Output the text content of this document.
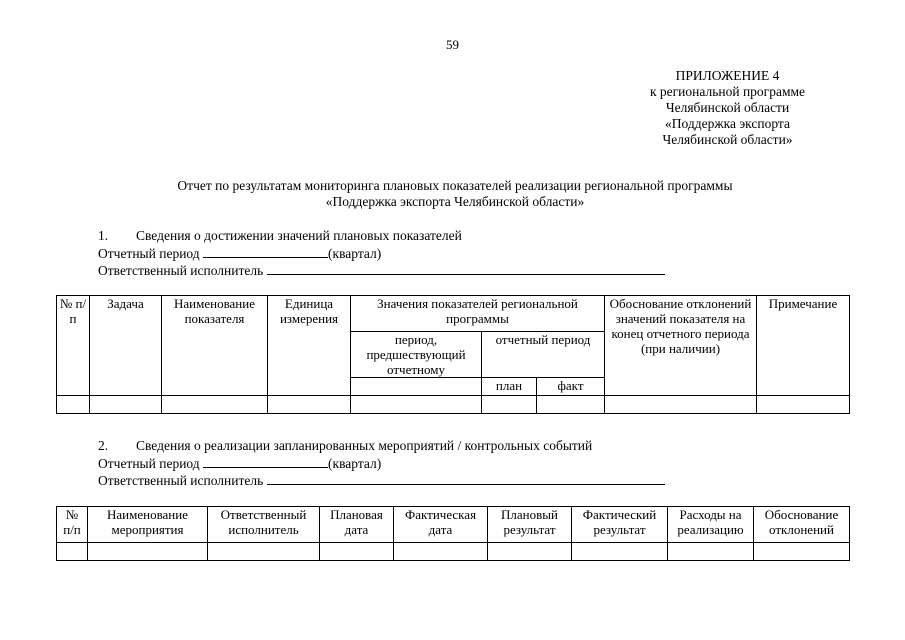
59
ПРИЛОЖЕНИЕ 4
к региональной программе
Челябинской области
«Поддержка экспорта
Челябинской области»
Отчет по результатам мониторинга плановых показателей реализации региональной программы
«Поддержка экспорта Челябинской области»
1. Сведения о достижении значений плановых показателей
Отчетный период	(квартал)
Ответственный исполнитель
№ п/п	Задача	Наименование показателя	Единица измерения	Значения показателей региональной программы			Обоснование отклонений значений показателя на конец отчетного периода (при наличии)	Примечание
				период, предшествующий отчетному	отчетный период			
					план	факт		

2. Сведения о реализации запланированных мероприятий / контрольных событий
Отчетный период	(квартал)
Ответственный исполнитель
№ п/п	Наименование мероприятия	Ответственный исполнитель	Плановая дата	Фактическая дата	Плановый результат	Фактический результат	Расходы на реализацию	Обоснование отклонений
